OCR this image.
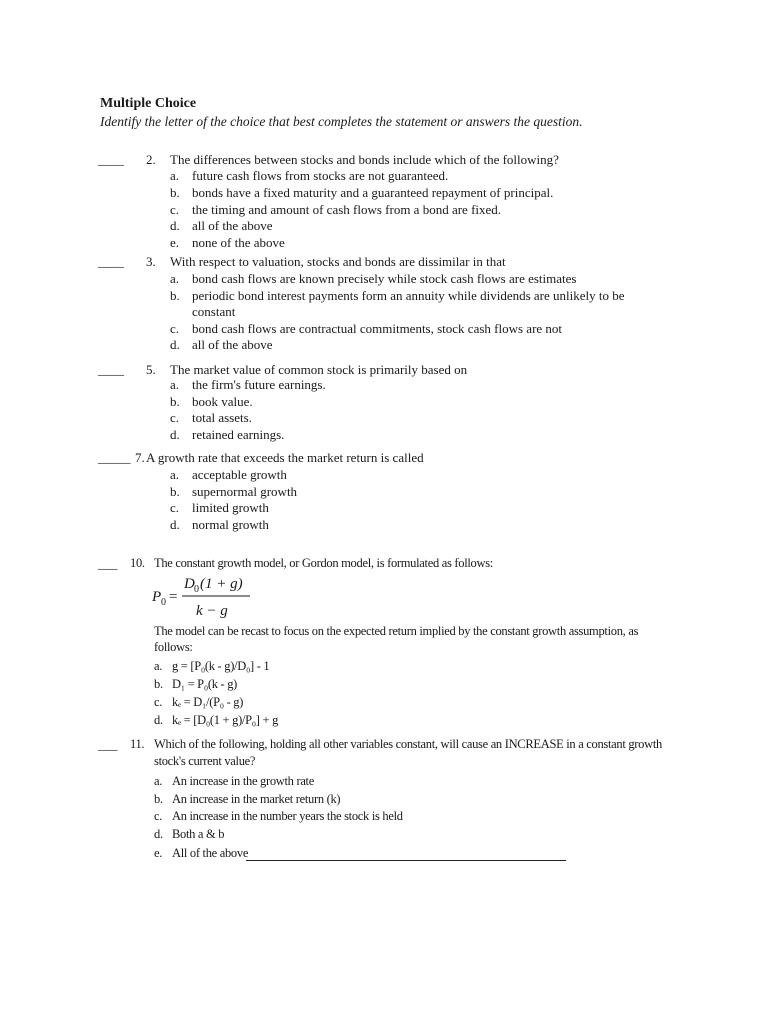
Multiple Choice
Identify the letter of the choice that best completes the statement or answers the question.
____ 2. The differences between stocks and bonds include which of the following?
a. future cash flows from stocks are not guaranteed.
b. bonds have a fixed maturity and a guaranteed repayment of principal.
c. the timing and amount of cash flows from a bond are fixed.
d. all of the above
e. none of the above
____ 3. With respect to valuation, stocks and bonds are dissimilar in that
a. bond cash flows are known precisely while stock cash flows are estimates
b. periodic bond interest payments form an annuity while dividends are unlikely to be
constant
c. bond cash flows are contractual commitments, stock cash flows are not
d. all of the above
____ 5. The market value of common stock is primarily based on
a. the firm's future earnings.
b. book value.
c. total assets.
d. retained earnings.
_____ 7. A growth rate that exceeds the market return is called
a. acceptable growth
b. supernormal growth
c. limited growth
d. normal growth
___ 10. The constant growth model, or Gordon model, is formulated as follows:
P 0 =
D 0 (1 + g)
k − g
The model can be recast to focus on the expected return implied by the constant growth assumption, as
follows:
a. g = [P₀(k - g)/D₀] - 1
b. D₁ = P₀(k - g)
c. kₑ = D₁/(P₀ - g)
d. kₑ = [D₀(1 + g)/P₀] + g
___ 11. Which of the following, holding all other variables constant, will cause an INCREASE in a constant growth
stock's current value?
a. An increase in the growth rate
b. An increase in the market return (k)
c. An increase in the number years the stock is held
d. Both a & b
e. All of the above
